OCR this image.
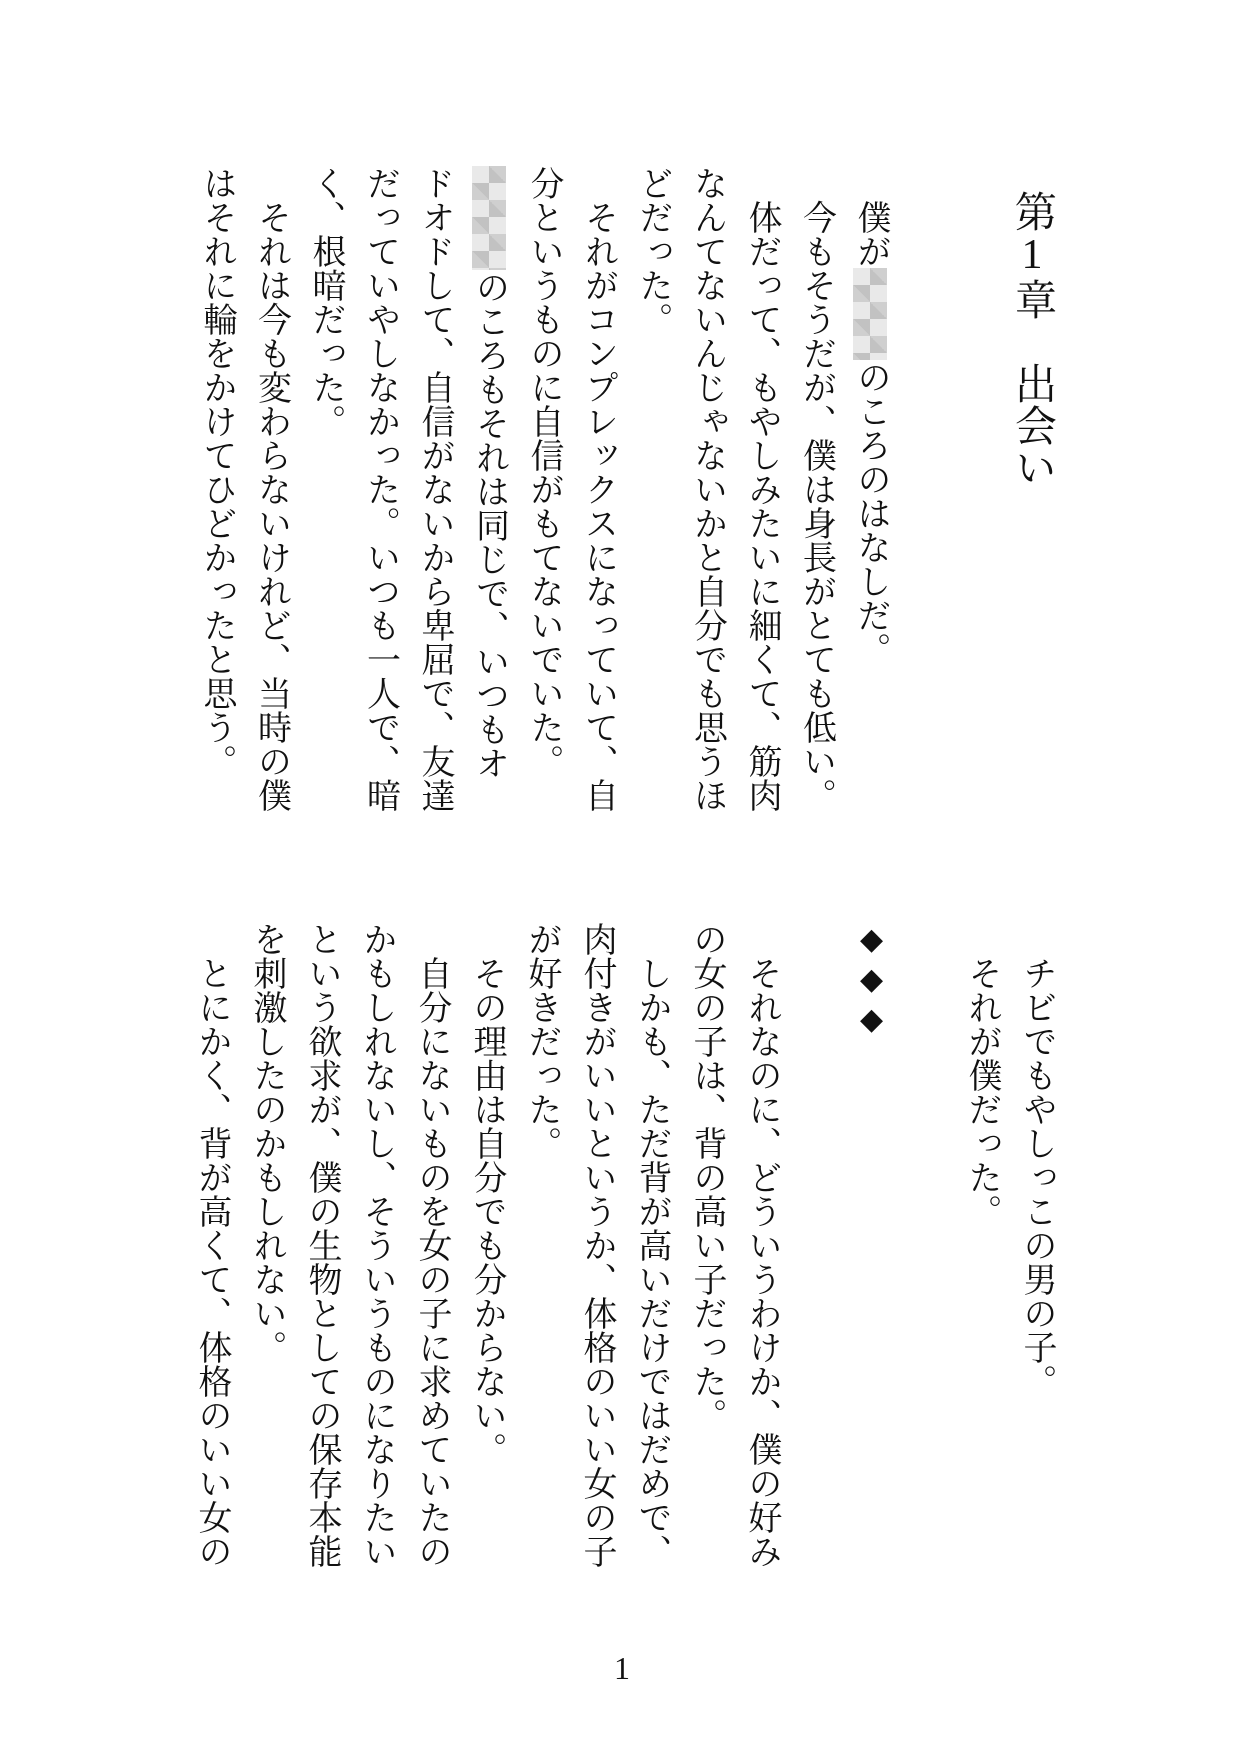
第1章　出会い
僕がのころのはなしだ。
今もそうだが、僕は身長がとても低い。
体だって、もやしみたいに細くて、筋肉
なんてないんじゃないかと自分でも思うほ
どだった。
それがコンプレックスになっていて、自
分というものに自信がもてないでいた。
のころもそれは同じで、いつもオ
ドオドして、自信がないから卑屈で、友達
だっていやしなかった。いつも一人で、暗
く、根暗だった。
それは今も変わらないけれど、当時の僕
はそれに輪をかけてひどかったと思う。
チビでもやしっこの男の子。
それが僕だった。
◆◆◆
それなのに、どういうわけか、僕の好み
の女の子は、背の高い子だった。
しかも、ただ背が高いだけではだめで、
肉付きがいいというか、体格のいい女の子
が好きだった。
その理由は自分でも分からない。
自分にないものを女の子に求めていたの
かもしれないし、そういうものになりたい
という欲求が、僕の生物としての保存本能
を刺激したのかもしれない。
とにかく、背が高くて、体格のいい女の
1
